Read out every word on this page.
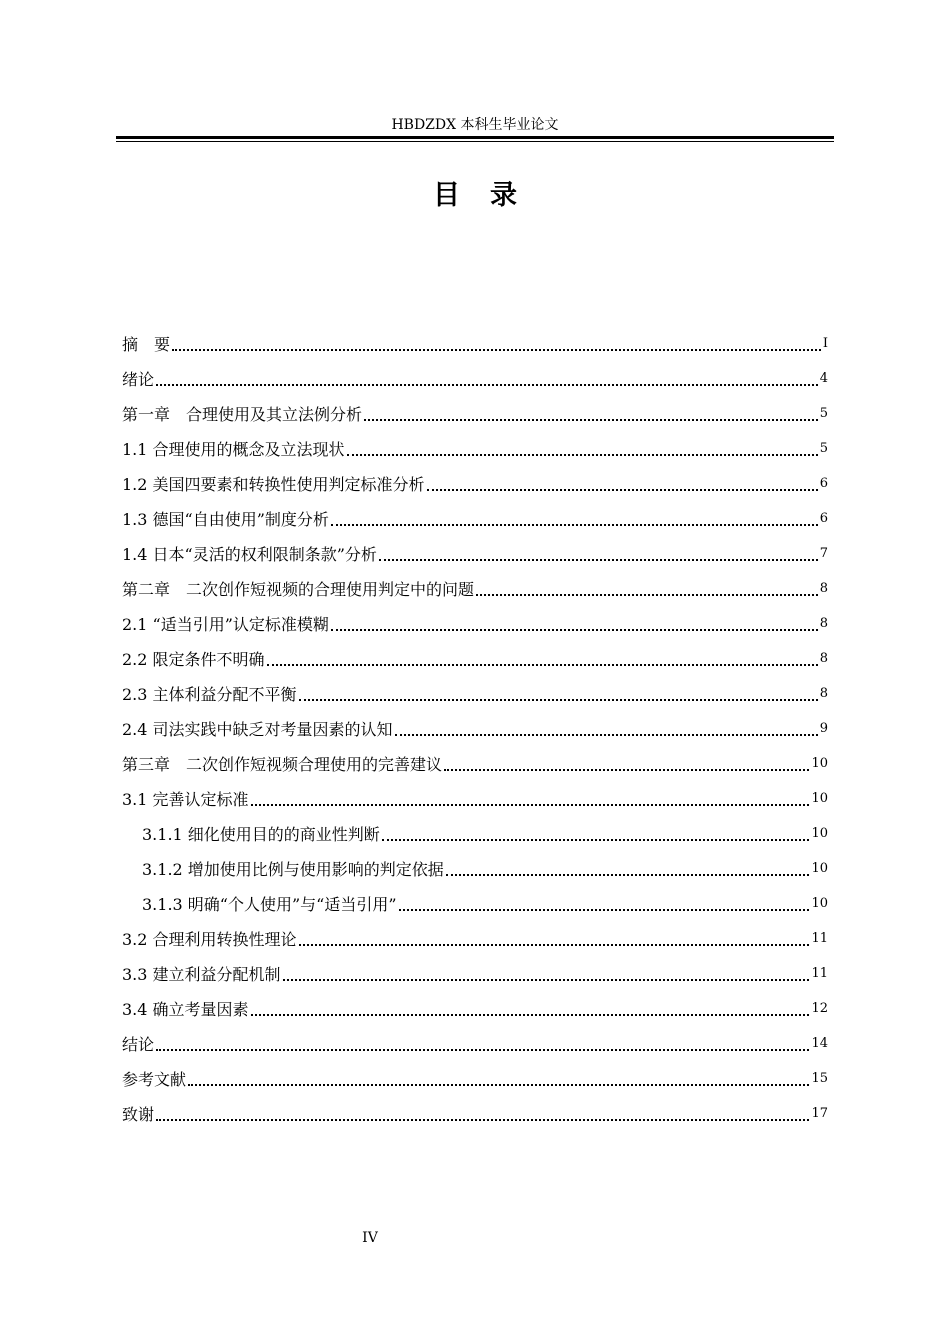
HBDZDX 本科生毕业论文
目录
摘　要	I
绪论	4
第一章　合理使用及其立法例分析	5
1.1 合理使用的概念及立法现状	5
1.2 美国四要素和转换性使用判定标准分析	6
1.3 德国“自由使用”制度分析	6
1.4 日本“灵活的权利限制条款”分析	7
第二章　二次创作短视频的合理使用判定中的问题	8
2.1 “适当引用”认定标准模糊	8
2.2 限定条件不明确	8
2.3 主体利益分配不平衡	8
2.4 司法实践中缺乏对考量因素的认知	9
第三章　二次创作短视频合理使用的完善建议	10
3.1 完善认定标准	10
3.1.1 细化使用目的的商业性判断	10
3.1.2 增加使用比例与使用影响的判定依据	10
3.1.3 明确“个人使用”与“适当引用”	10
3.2 合理利用转换性理论	11
3.3 建立利益分配机制	11
3.4 确立考量因素	12
结论	14
参考文献	15
致谢	17
IV
